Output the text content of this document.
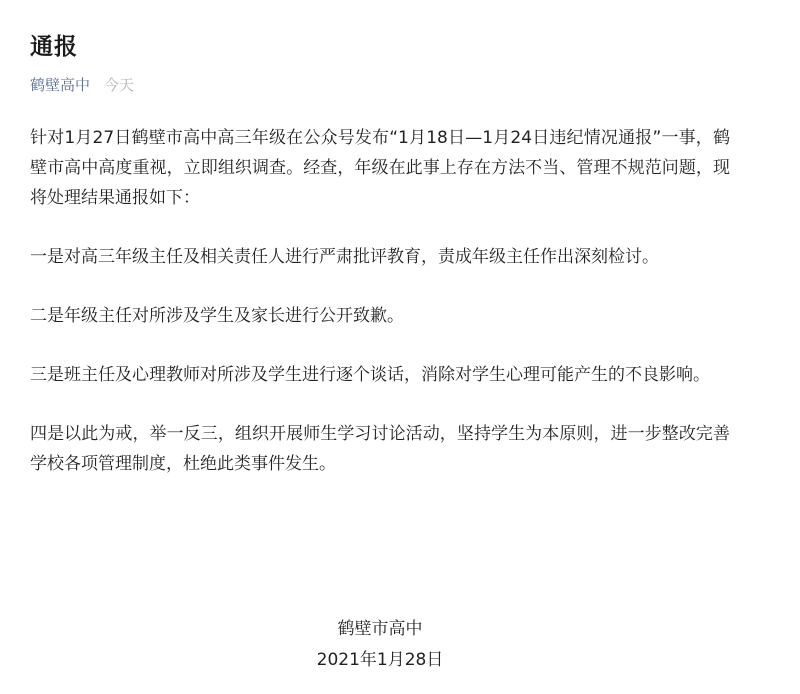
通报
鹤壁高中 今天

针对1月27日鹤壁市高中高三年级在公众号发布“1月18日—1月24日违纪情况通报”一事，鹤壁市高中高度重视，立即组织调查。经查，年级在此事上存在方法不当、管理不规范问题，现将处理结果通报如下：

一是对高三年级主任及相关责任人进行严肃批评教育，责成年级主任作出深刻检讨。

二是年级主任对所涉及学生及家长进行公开致歉。

三是班主任及心理教师对所涉及学生进行逐个谈话，消除对学生心理可能产生的不良影响。

四是以此为戒，举一反三，组织开展师生学习讨论活动，坚持学生为本原则，进一步整改完善学校各项管理制度，杜绝此类事件发生。

鹤壁市高中
2021年1月28日
